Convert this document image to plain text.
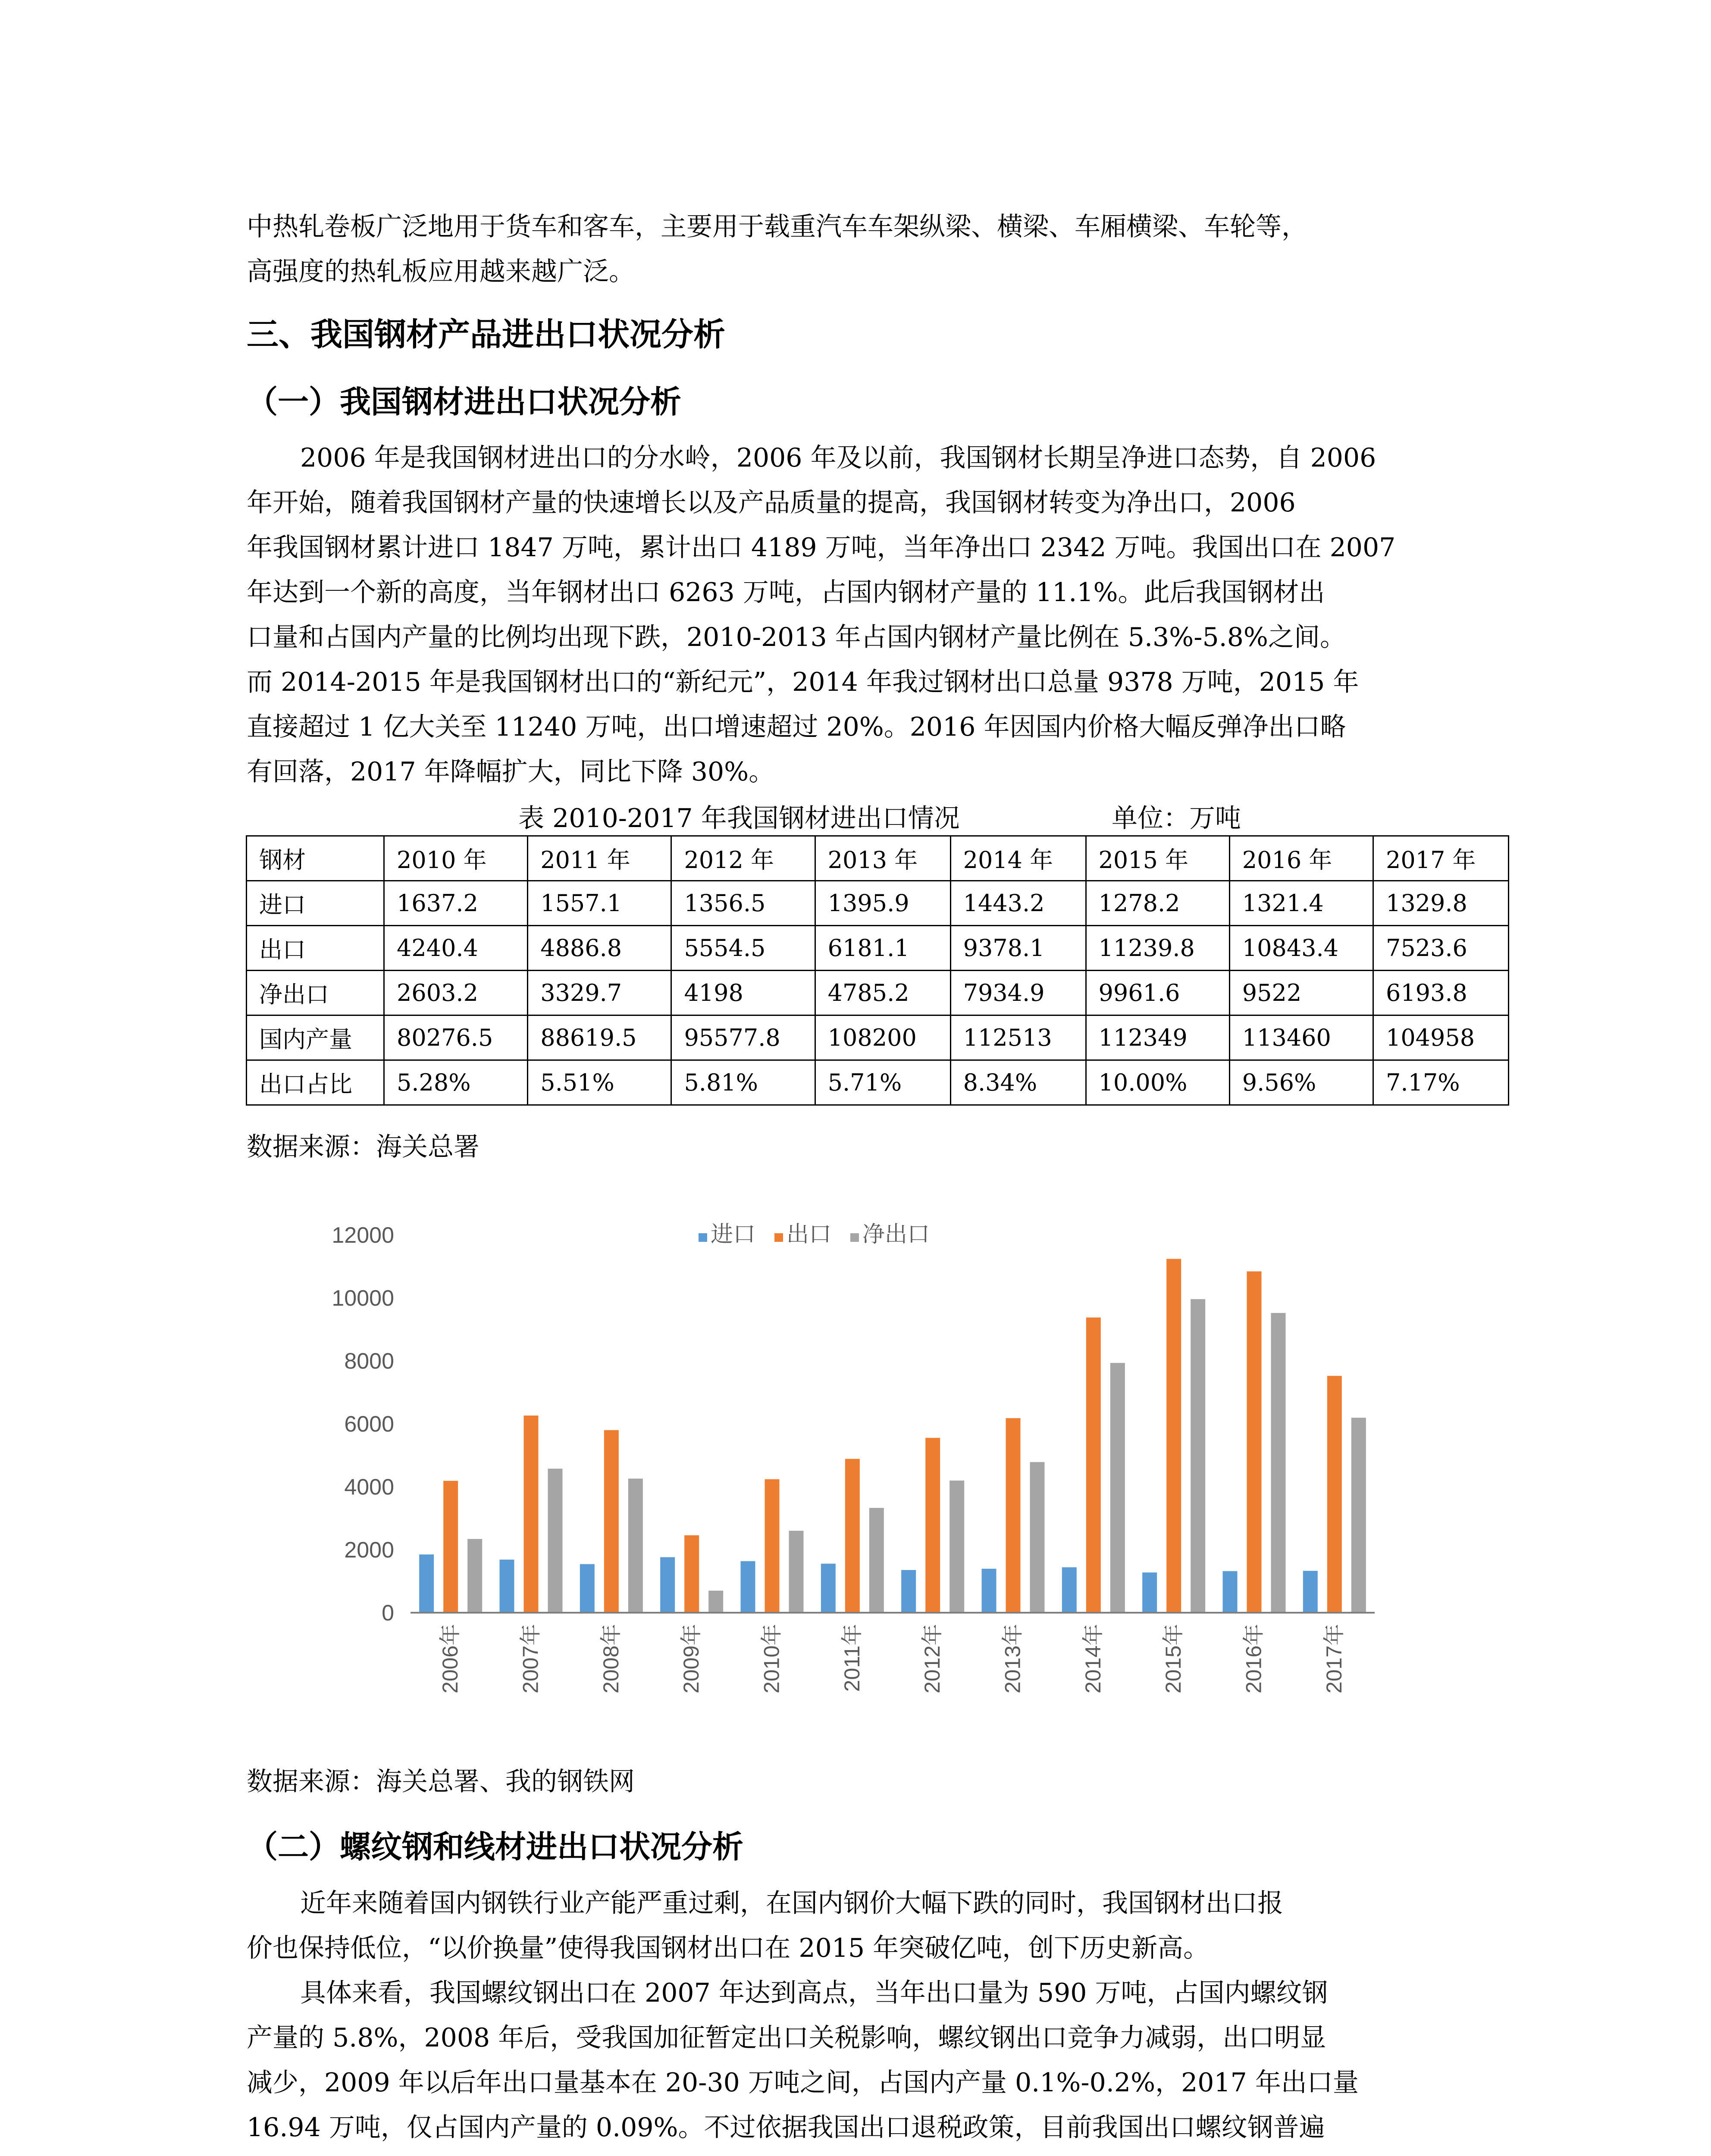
中热轧卷板广泛地用于货车和客车，主要用于载重汽车车架纵梁、横梁、车厢横梁、车轮等，
高强度的热轧板应用越来越广泛。
三、我国钢材产品进出口状况分析
（一）我国钢材进出口状况分析
2006 年是我国钢材进出口的分水岭，2006 年及以前，我国钢材长期呈净进口态势，自 2006
年开始，随着我国钢材产量的快速增长以及产品质量的提高，我国钢材转变为净出口，2006
年我国钢材累计进口 1847 万吨，累计出口 4189 万吨，当年净出口 2342 万吨。我国出口在 2007
年达到一个新的高度，当年钢材出口 6263 万吨，占国内钢材产量的 11.1%。此后我国钢材出
口量和占国内产量的比例均出现下跌，2010-2013 年占国内钢材产量比例在 5.3%-5.8%之间。
而 2014-2015 年是我国钢材出口的“新纪元”，2014 年我过钢材出口总量 9378 万吨，2015 年
直接超过 1 亿大关至 11240 万吨，出口增速超过 20%。2016 年因国内价格大幅反弹净出口略
有回落，2017 年降幅扩大，同比下降 30%。
表 2010-2017 年我国钢材进出口情况	单位：万吨
钢材	2010 年	2011 年	2012 年	2013 年	2014 年	2015 年	2016 年	2017 年
进口	1637.2	1557.1	1356.5	1395.9	1443.2	1278.2	1321.4	1329.8
出口	4240.4	4886.8	5554.5	6181.1	9378.1	11239.8	10843.4	7523.6
净出口	2603.2	3329.7	4198	4785.2	7934.9	9961.6	9522	6193.8
国内产量	80276.5	88619.5	95577.8	108200	112513	112349	113460	104958
出口占比	5.28%	5.51%	5.81%	5.71%	8.34%	10.00%	9.56%	7.17%
数据来源：海关总署
0
2000
4000
6000
8000
10000
12000
2006年	2007年	2008年	2009年	2010年	2011年	2012年	2013年	2014年	2015年	2016年	2017年
进口 出口 净出口
数据来源：海关总署、我的钢铁网
（二）螺纹钢和线材进出口状况分析
近年来随着国内钢铁行业产能严重过剩，在国内钢价大幅下跌的同时，我国钢材出口报
价也保持低位，“以价换量”使得我国钢材出口在 2015 年突破亿吨，创下历史新高。
具体来看，我国螺纹钢出口在 2007 年达到高点，当年出口量为 590 万吨，占国内螺纹钢
产量的 5.8%，2008 年后，受我国加征暂定出口关税影响，螺纹钢出口竞争力减弱，出口明显
减少，2009 年以后年出口量基本在 20-30 万吨之间，占国内产量 0.1%-0.2%，2017 年出口量
16.94 万吨，仅占国内产量的 0.09%。不过依据我国出口退税政策，目前我国出口螺纹钢普遍
